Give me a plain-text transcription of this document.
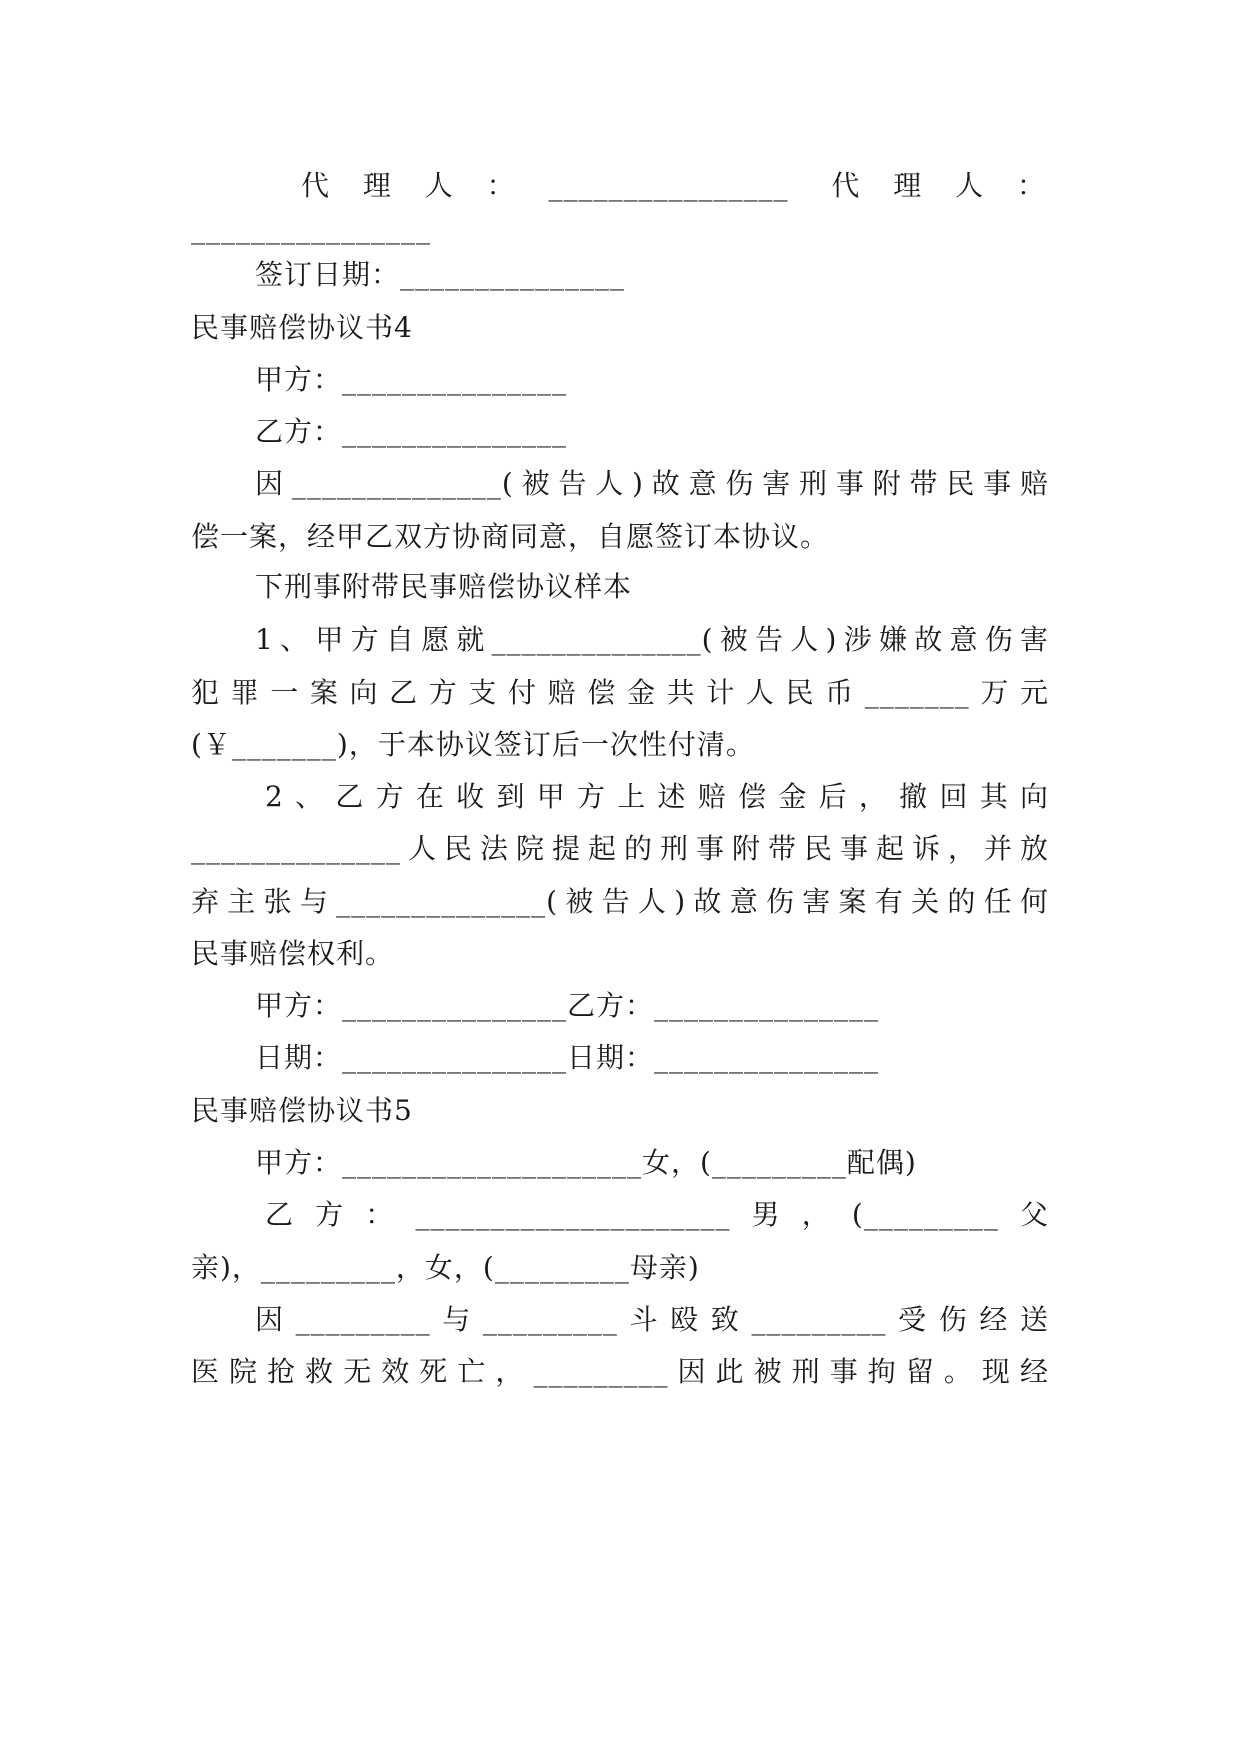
代理人：________________ 代理人：
________________
签订日期：_______________
民事赔偿协议书4
甲方：_______________
乙方：_______________
因______________(被告人)故意伤害刑事附带民事赔
偿一案，经甲乙双方协商同意，自愿签订本协议。
下刑事附带民事赔偿协议样本
1、甲方自愿就______________(被告人)涉嫌故意伤害
犯罪一案向乙方支付赔偿金共计人民币_______万元
(￥_______)，于本协议签订后一次性付清。
2、乙方在收到甲方上述赔偿金后，撤回其向
______________人民法院提起的刑事附带民事起诉，并放
弃主张与______________(被告人)故意伤害案有关的任何
民事赔偿权利。
甲方：_______________乙方：_______________
日期：_______________日期：_______________
民事赔偿协议书5
甲方：____________________女，(_________配偶)
乙方：_____________________男，(_________父
亲)，_________，女，(_________母亲)
因_________与_________斗殴致_________受伤经送
医院抢救无效死亡，_________因此被刑事拘留。现经
